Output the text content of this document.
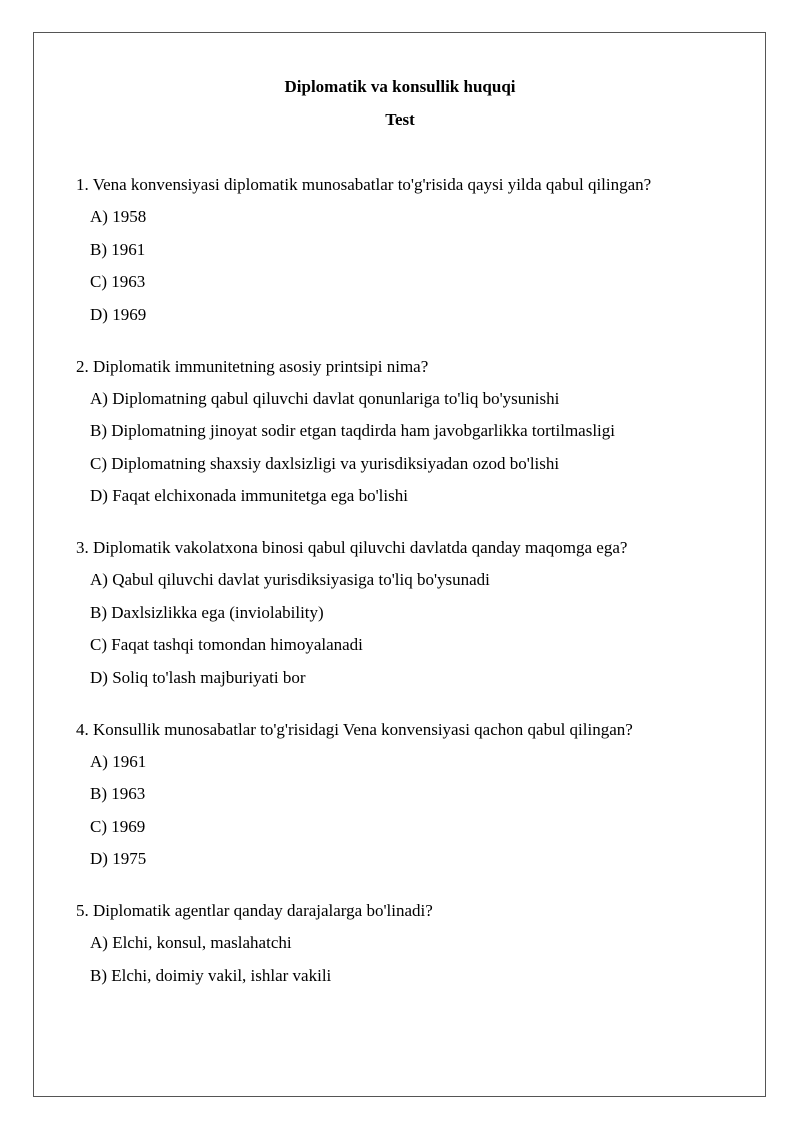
Diplomatik va konsullik huquqi
Test
1. Vena konvensiyasi diplomatik munosabatlar to'g'risida qaysi yilda qabul qilingan?
A) 1958
B) 1961
C) 1963
D) 1969
2. Diplomatik immunitetning asosiy printsipi nima?
A) Diplomatning qabul qiluvchi davlat qonunlariga to'liq bo'ysunishi
B) Diplomatning jinoyat sodir etgan taqdirda ham javobgarlikka tortilmasligi
C) Diplomatning shaxsiy daxlsizligi va yurisdiksiyadan ozod bo'lishi
D) Faqat elchixonada immunitetga ega bo'lishi
3. Diplomatik vakolatxona binosi qabul qiluvchi davlatda qanday maqomga ega?
A) Qabul qiluvchi davlat yurisdiksiyasiga to'liq bo'ysunadi
B) Daxlsizlikka ega (inviolability)
C) Faqat tashqi tomondan himoyalanadi
D) Soliq to'lash majburiyati bor
4. Konsullik munosabatlar to'g'risidagi Vena konvensiyasi qachon qabul qilingan?
A) 1961
B) 1963
C) 1969
D) 1975
5. Diplomatik agentlar qanday darajalarga bo'linadi?
A) Elchi, konsul, maslahatchi
B) Elchi, doimiy vakil, ishlar vakili
